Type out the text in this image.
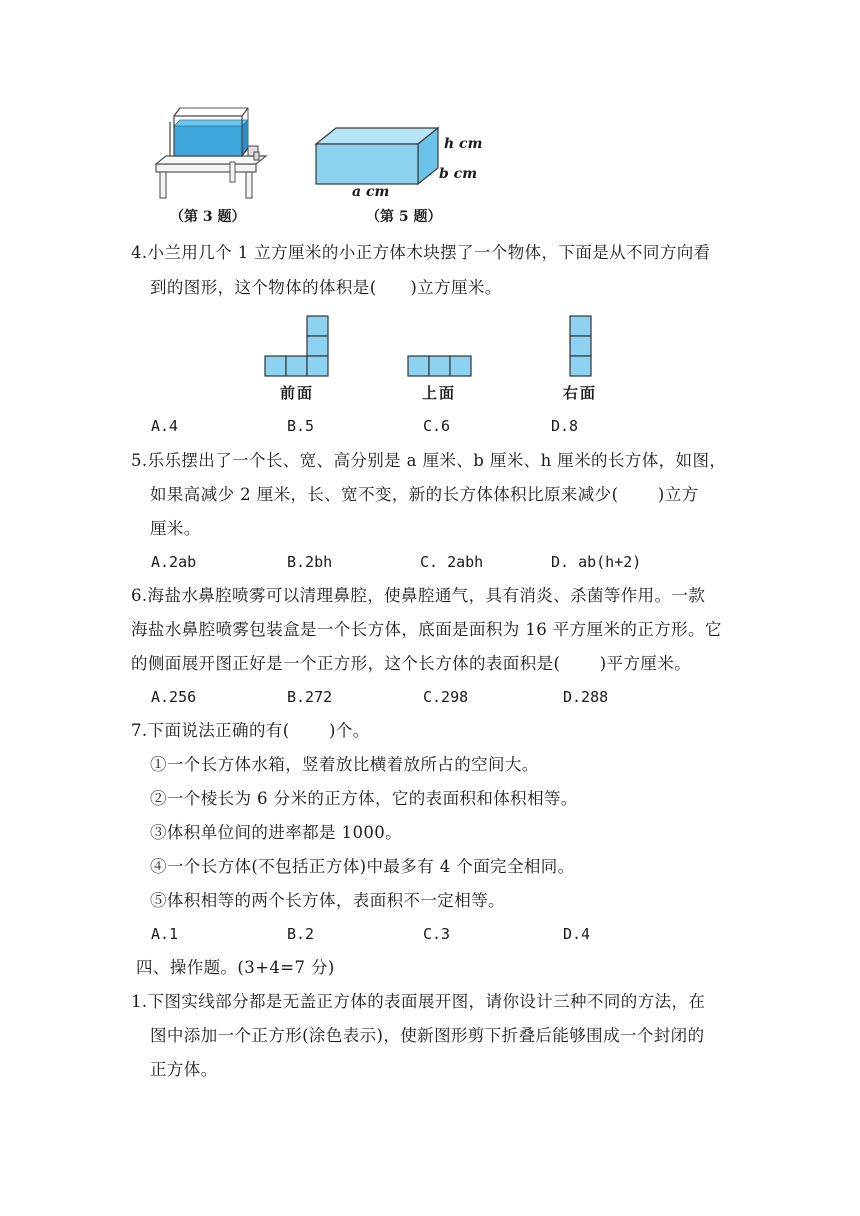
（第 3 题）
h cm
b cm
a cm
（第 5 题）
4.小兰用几个 1 立方厘米的小正方体木块摆了一个物体，下面是从不同方向看
到的图形，这个物体的体积是(　　)立方厘米。
前面	上面	右面
A.4	B.5	C.6	D.8
5.乐乐摆出了一个长、宽、高分别是 a 厘米、b 厘米、h 厘米的长方体，如图，
如果高减少 2 厘米，长、宽不变，新的长方体体积比原来减少(　　 )立方
厘米。
A.2ab	B.2bh	C. 2abh	D. ab(h+2)
6.海盐水鼻腔喷雾可以清理鼻腔，使鼻腔通气，具有消炎、杀菌等作用。一款
海盐水鼻腔喷雾包装盒是一个长方体，底面是面积为 16 平方厘米的正方形。它
的侧面展开图正好是一个正方形，这个长方体的表面积是(　　 )平方厘米。
A.256	B.272	C.298	D.288
7.下面说法正确的有(　　 )个。
①一个长方体水箱，竖着放比横着放所占的空间大。
②一个棱长为 6 分米的正方体，它的表面积和体积相等。
③体积单位间的进率都是 1000。
④一个长方体(不包括正方体)中最多有 4 个面完全相同。
⑤体积相等的两个长方体，表面积不一定相等。
A.1	B.2	C.3	D.4
四、操作题。(3+4=7 分)
1.下图实线部分都是无盖正方体的表面展开图，请你设计三种不同的方法，在
图中添加一个正方形(涂色表示)，使新图形剪下折叠后能够围成一个封闭的
正方体。
